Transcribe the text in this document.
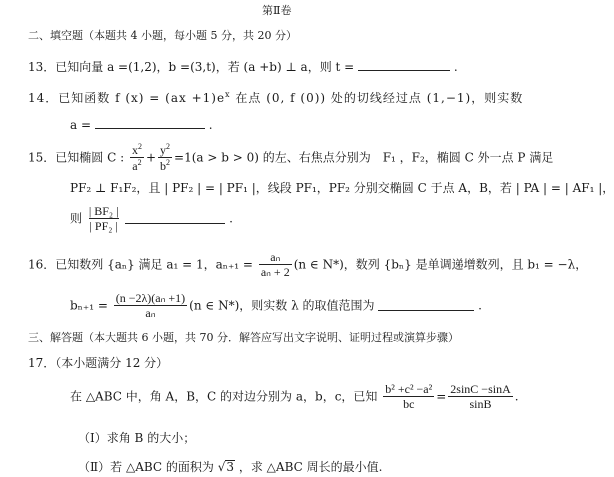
第Ⅱ卷
二、填空题（本题共 4 小题，每小题 5 分，共 20 分）
13．已知向量 a =(1,2)，b =(3,t)，若 (a +b) ⊥ a，则 t =	.
14．已知函数 f $(x) = (ax +1)e^x$ 在点 (0, f (0)) 处的切线经过点 (1,−1)，则实数
a =	.
15．已知椭圆 C : $\frac{x^2}{a^2} + \frac{y^2}{b^2} =1(a > b > 0)$ 的左、右焦点分别为　F₁ ，F₂，椭圆 C 外一点 P 满足
PF₂ ⊥ F₁F₂，且 | PF₂ | = | PF₁ |，线段 PF₁，PF₂ 分别交椭圆 C 于点 A，B，若 | PA | = | AF₁ |，
则 $\frac{\text{| BF₂ |}}{\text{| PF₂ |}}$	.
16．已知数列 {aₙ} 满足 a₁ = 1，$a_{n+1} = \frac{\text{aₙ}}{\text{aₙ + 2}} (n$ ∈ N*)，数列 {bₙ} 是单调递增数列，且 b₁ = −λ，
$b_{n+1} = \frac{\text{(n −2λ)(aₙ +1)}}{\text{aₙ}} (n$ ∈ N*)，则实数 λ 的取值范围为	.
三、解答题（本大题共 6 小题，共 70 分．解答应写出文字说明、证明过程或演算步骤）
17．（本小题满分 12 分）
在 △ABC 中，角 A，B，C 的对边分别为 a，b，c，已知 $\frac{\text{b² +c² −a²}}{bc} = \frac{2\sin C -\sin A}{\sin B}$ .
（Ⅰ）求角 B 的大小；
（Ⅱ）若 △ABC 的面积为 √3 ，求 △ABC 周长的最小值.
